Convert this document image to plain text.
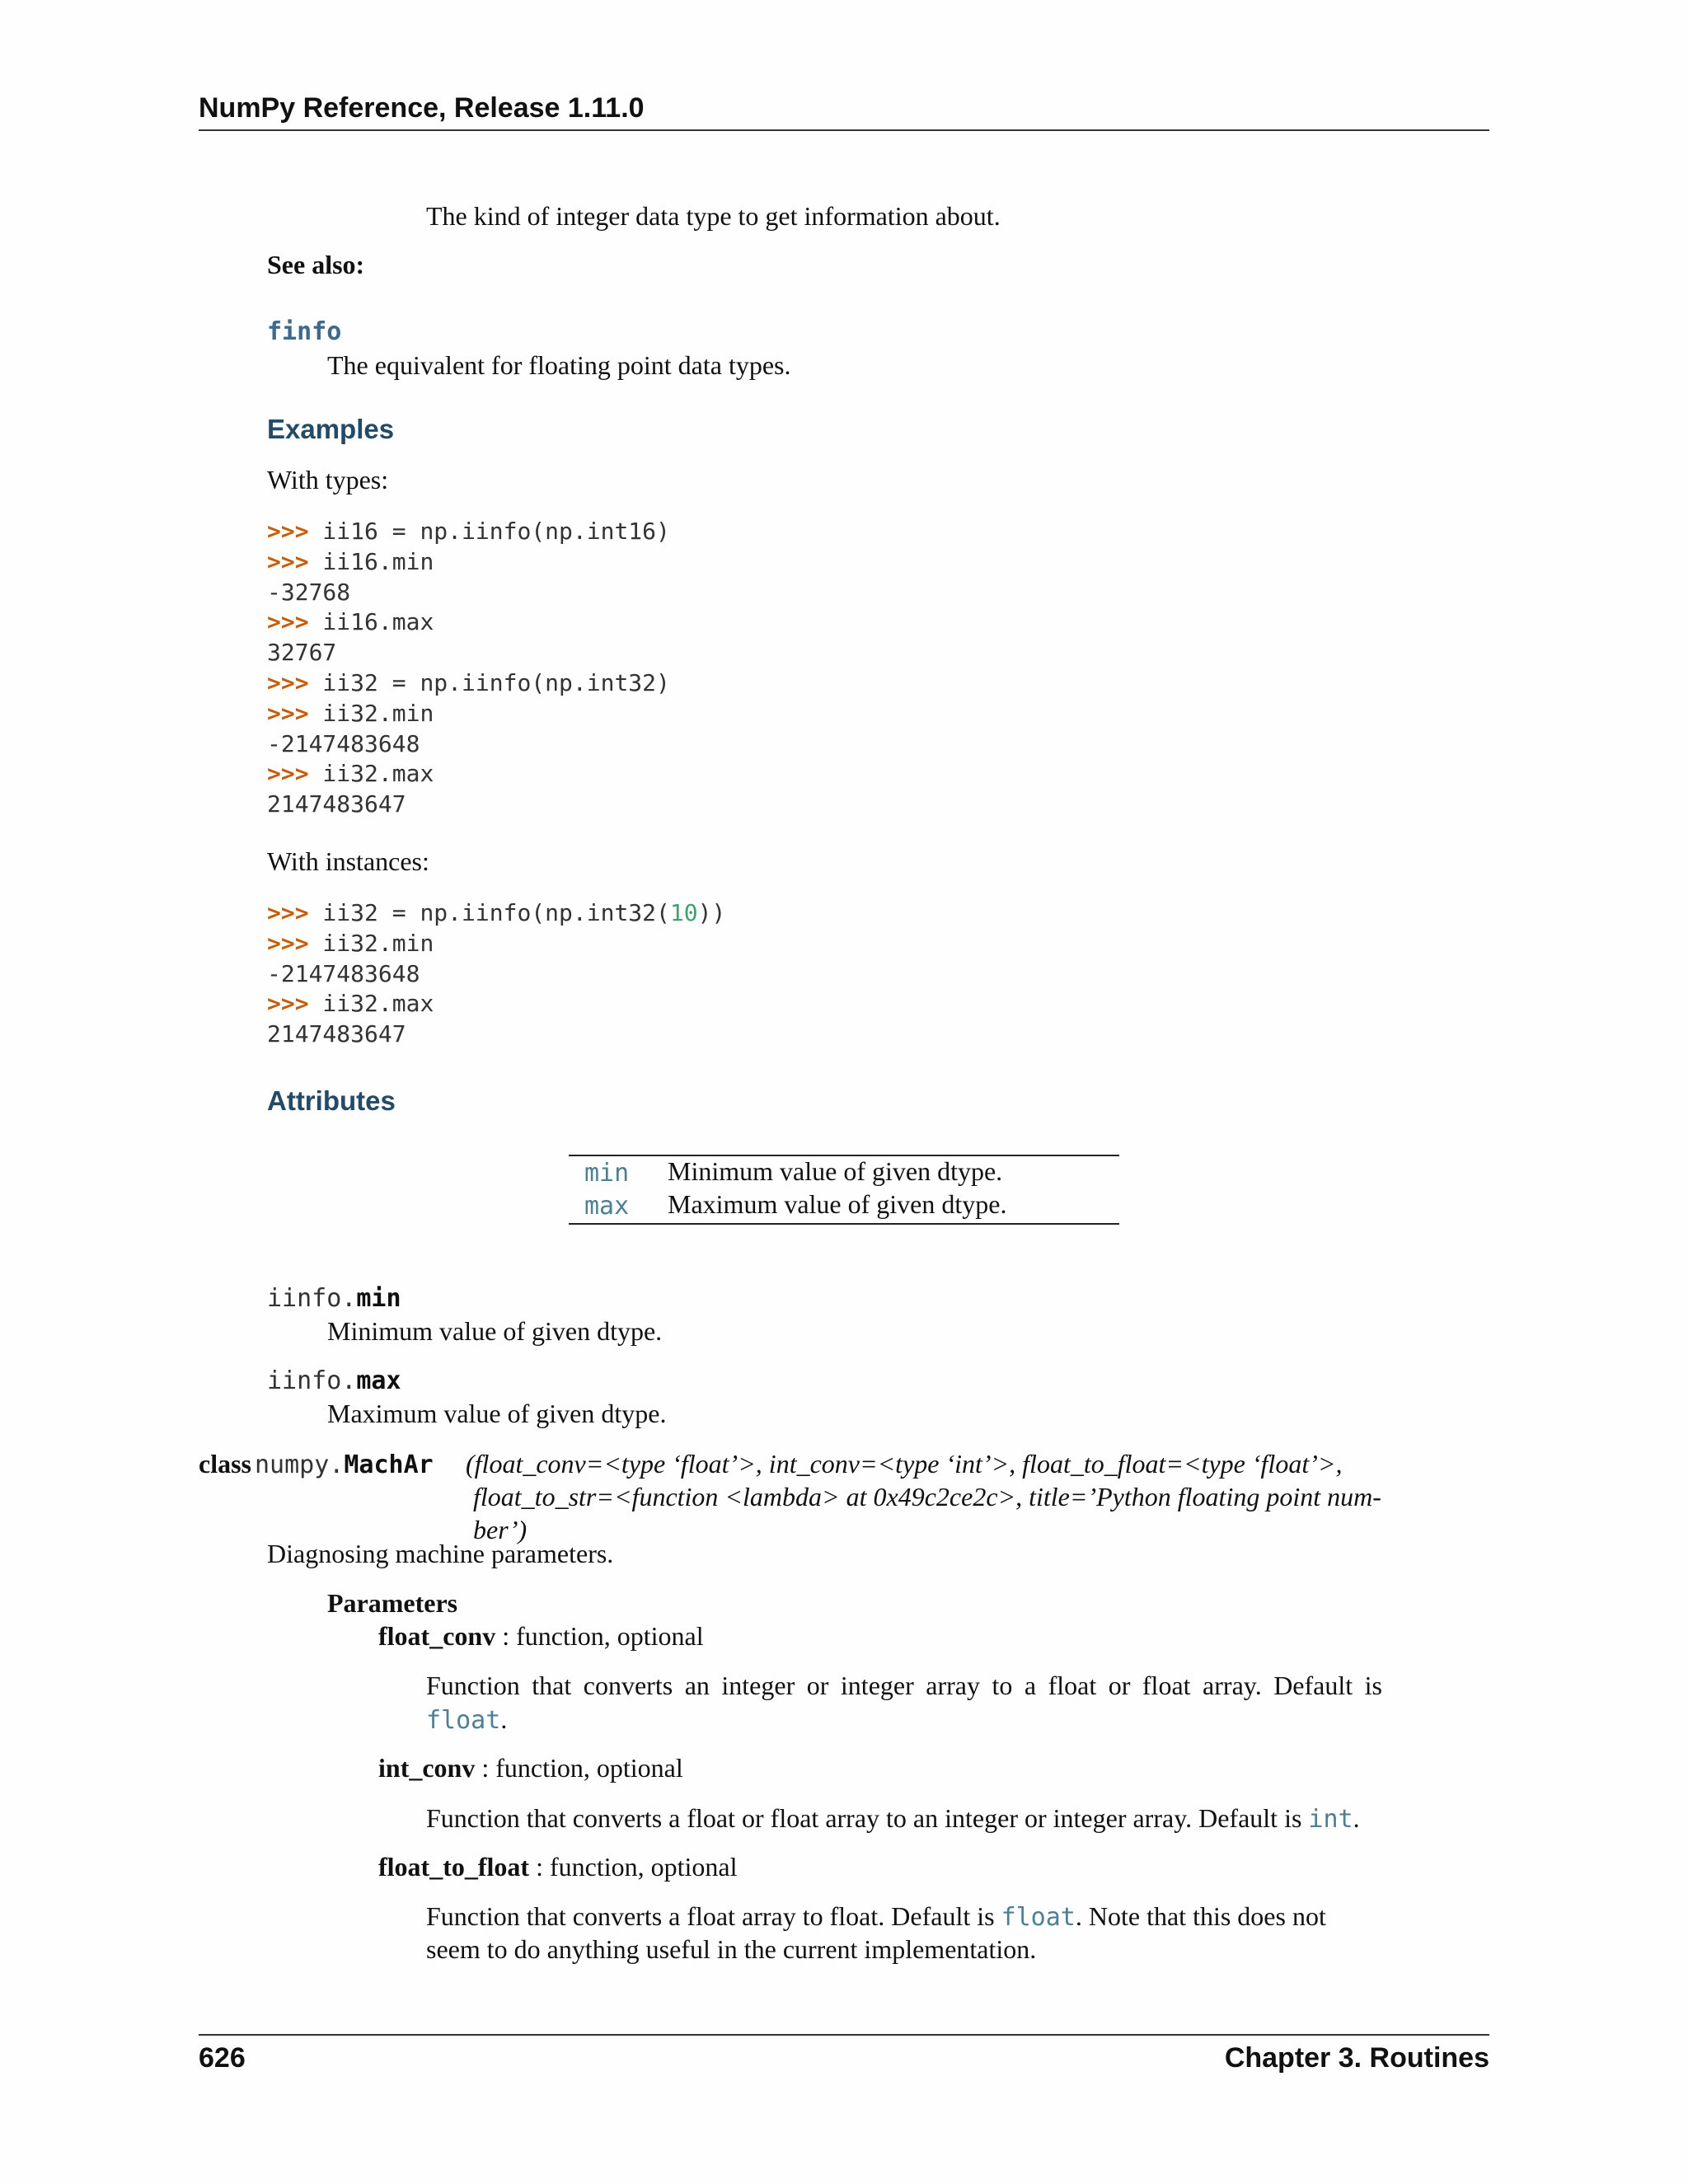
NumPy Reference, Release 1.11.0
The kind of integer data type to get information about.
See also:
finfo
The equivalent for floating point data types.
Examples
With types:
>>> ii16 = np.iinfo(np.int16)
>>> ii16.min
-32768
>>> ii16.max
32767
>>> ii32 = np.iinfo(np.int32)
>>> ii32.min
-2147483648
>>> ii32.max
2147483647
With instances:
>>> ii32 = np.iinfo(np.int32(10))
>>> ii32.min
-2147483648
>>> ii32.max
2147483647
Attributes
min Minimum value of given dtype.
max Maximum value of given dtype.
iinfo.min
Minimum value of given dtype.
iinfo.max
Maximum value of given dtype.
class numpy.MachAr (float_conv=<type ‘float’>, int_conv=<type ‘int’>, float_to_float=<type ‘float’>,
float_to_str=<function <lambda> at 0x49c2ce2c>, title=’Python floating point num-
ber’)
Diagnosing machine parameters.
Parameters
float_conv : function, optional
Function that converts an integer or integer array to a float or float array. Default is
float.
int_conv : function, optional
Function that converts a float or float array to an integer or integer array. Default is int.
float_to_float : function, optional
Function that converts a float array to float. Default is float. Note that this does not
seem to do anything useful in the current implementation.
626	Chapter 3. Routines
